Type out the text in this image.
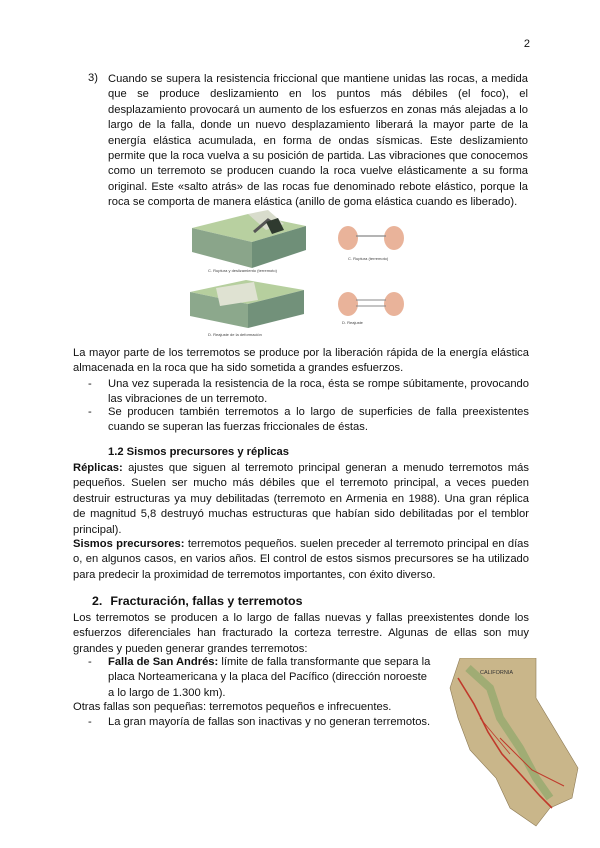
2
3) Cuando se supera la resistencia friccional que mantiene unidas las rocas, a medida que se produce deslizamiento en los puntos más débiles (el foco), el desplazamiento provocará un aumento de los esfuerzos en zonas más alejadas a lo largo de la falla, donde un nuevo desplazamiento liberará la mayor parte de la energía elástica acumulada, en forma de ondas sísmicas. Este deslizamiento permite que la roca vuelva a su posición de partida. Las vibraciones que conocemos como un terremoto se producen cuando la roca vuelve elásticamente a su forma original. Este «salto atrás» de las rocas fue denominado rebote elástico, porque la roca se comporta de manera elástica (anillo de goma elástica cuando es liberado).

C. Ruptura y deslizamiento (terremoto)
C. Ruptura (terremoto)
D. Reajuste de la deformación
D. Reajuste

La mayor parte de los terremotos se produce por la liberación rápida de la energía elástica almacenada en la roca que ha sido sometida a grandes esfuerzos.

- Una vez superada la resistencia de la roca, ésta se rompe súbitamente, provocando las vibraciones de un terremoto.
- Se producen también terremotos a lo largo de superficies de falla preexistentes cuando se superan las fuerzas friccionales de éstas.
1.2 Sismos precursores y réplicas

Réplicas: ajustes que siguen al terremoto principal generan a menudo terremotos más pequeños. Suelen ser mucho más débiles que el terremoto principal, a veces pueden destruir estructuras ya muy debilitadas (terremoto en Armenia en 1988). Una gran réplica de magnitud 5,8 destruyó muchas estructuras que habían sido debilitadas por el temblor principal).

Sismos precursores: terremotos pequeños. suelen preceder al terremoto principal en días o, en algunos casos, en varios años. El control de estos sismos precursores se ha utilizado para predecir la proximidad de terremotos importantes, con éxito diverso.

2. Fracturación, fallas y terremotos

Los terremotos se producen a lo largo de fallas nuevas y fallas preexistentes donde los esfuerzos diferenciales han fracturado la corteza terrestre. Algunas de ellas son muy grandes y pueden generar grandes terremotos:

- Falla de San Andrés: límite de falla transformante que separa la placa Norteamericana y la placa del Pacífico (dirección noroeste a lo largo de 1.300 km).

Otras fallas son pequeñas: terremotos pequeños e infrecuentes.

- La gran mayoría de fallas son inactivas y no generan terremotos.
CALIFORNIA
